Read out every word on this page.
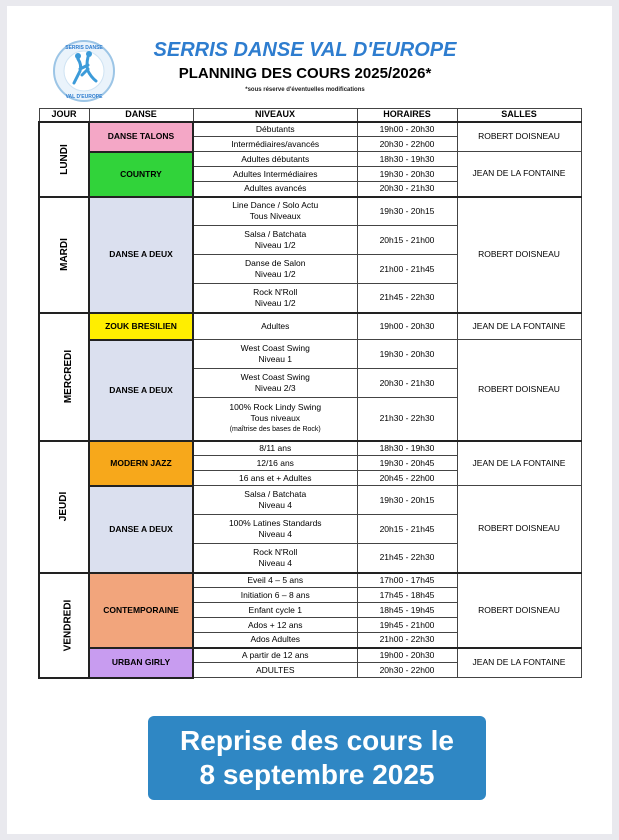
SERRIS DANSE
VAL D'EUROPE
SERRIS DANSE VAL D'EUROPE
PLANNING DES COURS 2025/2026*
*sous réserve d'éventuelles modifications
JOUR	DANSE	NIVEAUX	HORAIRES	SALLES
LUNDI	DANSE TALONS	Débutants	19h00 - 20h30	ROBERT DOISNEAU
		Intermédiaires/avancés	20h30 - 22h00	
	COUNTRY	Adultes débutants	18h30 - 19h30	JEAN DE LA FONTAINE
		Adultes Intermédiaires	19h30 - 20h30	
		Adultes avancés	20h30 - 21h30	
MARDI	DANSE A DEUX	Line Dance / Solo Actu
Tous Niveaux	19h30 - 20h15	ROBERT DOISNEAU

		Salsa / Batchata
Niveau 1/2	20h15 - 21h00	

		Danse de Salon
Niveau 1/2	21h00 - 21h45	

		Rock N'Roll
Niveau 1/2	21h45 - 22h30	
MERCREDI	ZOUK BRESILIEN	Adultes	19h00 - 20h30	JEAN DE LA FONTAINE
	DANSE A DEUX	West Coast Swing
Niveau 1	19h30 - 20h30	ROBERT DOISNEAU

		West Coast Swing
Niveau 2/3	20h30 - 21h30	

		100% Rock Lindy Swing
Tous niveaux
(maîtrise des bases de Rock)	21h30 - 22h30	
JEUDI	MODERN JAZZ	8/11 ans	18h30 - 19h30	JEAN DE LA FONTAINE
		12/16 ans	19h30 - 20h45	
		16 ans et + Adultes	20h45 - 22h00	
	DANSE A DEUX	Salsa / Batchata
Niveau 4	19h30 - 20h15	ROBERT DOISNEAU

		100% Latines Standards
Niveau 4	20h15 - 21h45	

		Rock N'Roll
Niveau 4	21h45 - 22h30	
VENDREDI	CONTEMPORAINE	Eveil 4 – 5 ans	17h00 - 17h45	ROBERT DOISNEAU
		Initiation 6 – 8 ans	17h45 - 18h45	
		Enfant cycle 1	18h45 - 19h45	
		Ados + 12 ans	19h45 - 21h00	
		Ados Adultes	21h00 - 22h30	
	URBAN GIRLY	A partir de 12 ans	19h00 - 20h30	JEAN DE LA FONTAINE
		ADULTES	20h30 - 22h00	
Reprise des cours le
8 septembre 2025
